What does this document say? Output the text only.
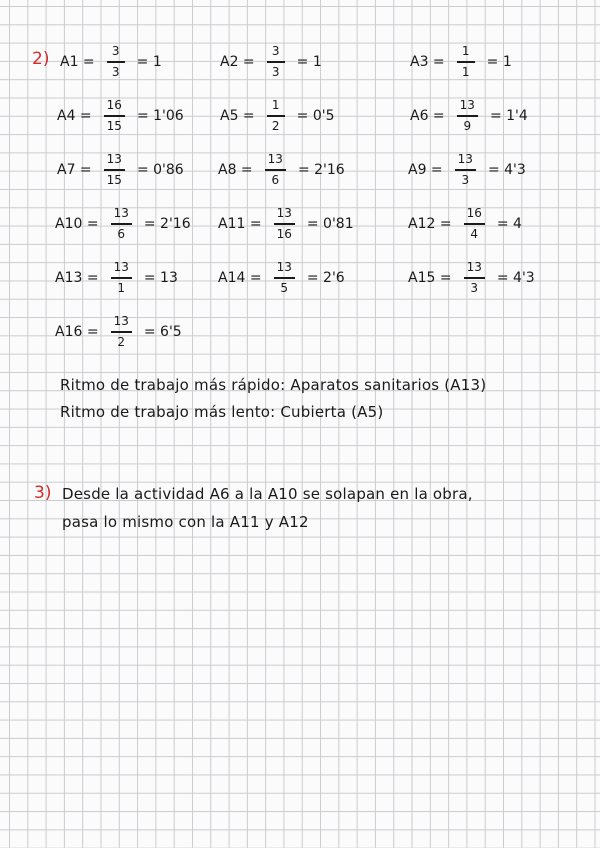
2) $A1 = \frac{3}{3} = 1$	$A2 = \frac{3}{3} = 1$	$A3 = \frac{1}{1} = 1$
$A4 = \frac{16}{15} = 1'06$	$A5 = \frac{1}{2} = 0'5$	$A6 = \frac{13}{9} = 1'4$
$A7 = \frac{13}{15} = 0'86$ $A8 = \frac{13}{6} = 2'16$	$A9 = \frac{13}{3} = 4'3$
$A10 = \frac{13}{6} = 2'16$ $A11 = \frac{13}{16} = 0'81$	$A12 = \frac{16}{4} = 4$
$A13 = \frac{13}{1} = 13$	$A14 = \frac{13}{5} = 2'6$	$A15 = \frac{13}{3} = 4'3$
$A16 = \frac{13}{2} = 6'5$
Ritmo de trabajo más rápido: Aparatos sanitarios (A13)
Ritmo de trabajo más lento: Cubierta (A5)
3) Desde la actividad A6 a la A10 se solapan en la obra,
pasa lo mismo con la A11 y A12
